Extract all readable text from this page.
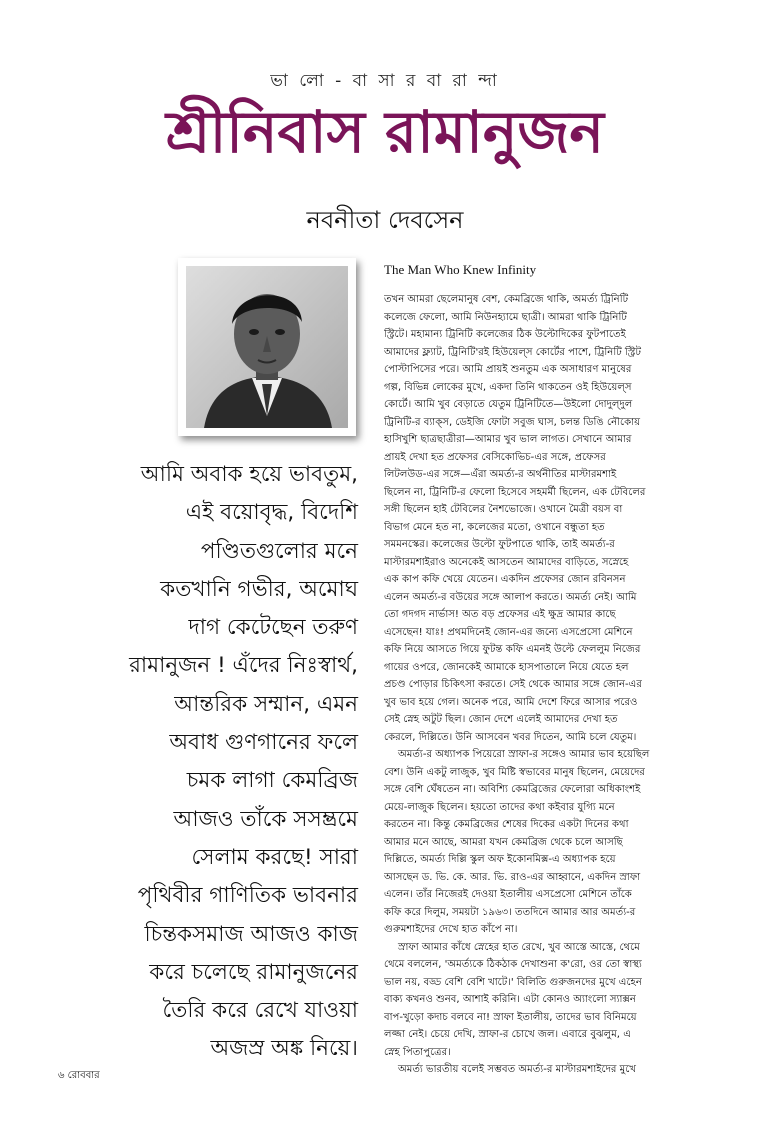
ভা লো - বা সা র বা রা ন্দা
শ্রীনিবাস রামানুজন
নবনীতা দেবসেন
The Man Who Knew Infinity
আমি অবাক হয়ে ভাবতুম,
এই বয়োবৃদ্ধ, বিদেশি
পণ্ডিতগুলোর মনে
কতখানি গভীর, অমোঘ
দাগ কেটেছেন তরুণ
রামানুজন ! এঁদের নিঃস্বার্থ,
আন্তরিক সম্মান, এমন
অবাধ গুণগানের ফলে
চমক লাগা কেমব্রিজ
আজও তাঁকে সসম্ভ্রমে
সেলাম করছে! সারা
পৃথিবীর গাণিতিক ভাবনার
চিন্তকসমাজ আজও কাজ
করে চলেছে রামানুজনের
তৈরি করে রেখে যাওয়া
অজস্র অঙ্ক নিয়ে।
তখন আমরা ছেলেমানুষ বেশ, কেমব্রিজে থাকি, অমর্ত্য ট্রিনিটি
কলেজে ফেলো, আমি নিউনহ্যামে ছাত্রী। আমরা থাকি ট্রিনিটি
স্ট্রিটে। মহামান্য ট্রিনিটি কলেজের ঠিক উল্টোদিকের ফুটপাতেই
আমাদের ফ্ল্যাট, ট্রিনিটি'রই হিউয়েল্‌স কোর্টের পাশে, ট্রিনিটি স্ট্রিট
পোস্টাপিসের পরে। আমি প্রায়ই শুনতুম এক অসাধারণ মানুষের
গল্প, বিভিন্ন লোকের মুখে, একদা তিনি থাকতেন ওই হিউয়েল্‌স
কোর্টে। আমি খুব বেড়াতে যেতুম ট্রিনিটিতে—উইলো দোদুল্‌দুল
ট্রিনিটি-র ব্যাক্‌স, ডেইজি ফোটা সবুজ ঘাস, চলন্ত ডিঙি নৌকোয়
হাসিখুশি ছাত্রছাত্রীরা—আমার খুব ভাল লাগত। সেখানে আমার
প্রায়ই দেখা হত প্রফেসর বেসিকোভিচ-এর সঙ্গে, প্রফেসর
লিটলউড-এর সঙ্গে—এঁরা অমর্ত্য-র অর্থনীতির মাস্টারমশাই
ছিলেন না, ট্রিনিটি-র ফেলো হিসেবে সহমর্মী ছিলেন, এক টেবিলের
সঙ্গী ছিলেন হাই টেবিলের নৈশভোজে। ওখানে মৈত্রী বয়স বা
বিভাগ মেনে হত না, কলেজের মতো, ওখানে বন্ধুতা হত
সমমনস্কের। কলেজের উল্টো ফুটপাতে থাকি, তাই অমর্ত্য-র
মাস্টারমশাইরাও অনেকেই আসতেন আমাদের বাড়িতে, সস্নেহে
এক কাপ কফি খেয়ে যেতেন। একদিন প্রফেসর জোন রবিনসন
এলেন অমর্ত্য-র বউয়ের সঙ্গে আলাপ করতে। অমর্ত্য নেই। আমি
তো গদগদ নার্ভাস! অত বড় প্রফেসর এই ক্ষুদ্র আমার কাছে
এসেছেন! যাঃ! প্রথমদিনেই জোন-এর জন্যে এসপ্রেসো মেশিনে
কফি নিয়ে আসতে গিয়ে ফুটন্ত কফি এমনই উল্টে ফেললুম নিজের
গায়ের ওপরে, জোনকেই আমাকে হাসপাতালে নিয়ে যেতে হল
প্রচণ্ড পোড়ার চিকিৎসা করতে। সেই থেকে আমার সঙ্গে জোন-এর
খুব ভাব হয়ে গেল। অনেক পরে, আমি দেশে ফিরে আসার পরেও
সেই স্নেহ অটুট ছিল। জোন দেশে এলেই আমাদের দেখা হত
কেরলে, দিল্লিতে। উনি আসবেন খবর দিতেন, আমি চলে যেতুম।
অমর্ত্য-র অধ্যাপক পিয়েরো স্রাফা-র সঙ্গেও আমার ভাব হয়েছিল
বেশ। উনি একটু লাজুক, খুব মিষ্টি স্বভাবের মানুষ ছিলেন, মেয়েদের
সঙ্গে বেশি ঘেঁষতেন না। অবিশ্যি কেমব্রিজের ফেলোরা অধিকাংশই
মেয়ে-লাজুক ছিলেন। হয়তো তাদের কথা কইবার যুগ্যি মনে
করতেন না। কিন্তু কেমব্রিজের শেষের দিকের একটা দিনের কথা
আমার মনে আছে, আমরা যখন কেমব্রিজ থেকে চলে আসছি
দিল্লিতে, অমর্ত্য দিল্লি স্কুল অফ ইকোনমিক্স-এ অধ্যাপক হয়ে
আসছেন ড. ভি. কে. আর. ভি. রাও-এর আহ্বানে, একদিন স্রাফা
এলেন। তাঁর নিজেরই দেওয়া ইতালীয় এসপ্রেসো মেশিনে তাঁকে
কফি করে দিলুম, সময়টা ১৯৬৩। ততদিনে আমার আর অমর্ত্য-র
গুরুমশাইদের দেখে হাত কাঁপে না।
স্রাফা আমার কাঁধে স্নেহের হাত রেখে, খুব আস্তে আস্তে, থেমে
থেমে বললেন, 'অমর্ত্যকে ঠিকঠাক দেখাশুনা ক'রো, ওর তো স্বাস্থ্য
ভাল নয়, বড্ড বেশি বেশি খাটে।' বিলিতি গুরুজনদের মুখে এহেন
বাক্য কখনও শুনব, আশাই করিনি। এটা কোনও অ্যাংলো স্যাক্সন
বাপ-খুড়ো কদাচ বলবে না! স্রাফা ইতালীয়, তাদের ভাব বিনিময়ে
লজ্জা নেই। চেয়ে দেখি, স্রাফা-র চোখে জল। এবারে বুঝলুম, এ
স্নেহ পিতাপুত্রের।
অমর্ত্য ভারতীয় বলেই সম্ভবত অমর্ত্য-র মাস্টারমশাইদের মুখে
৬ রোববার
